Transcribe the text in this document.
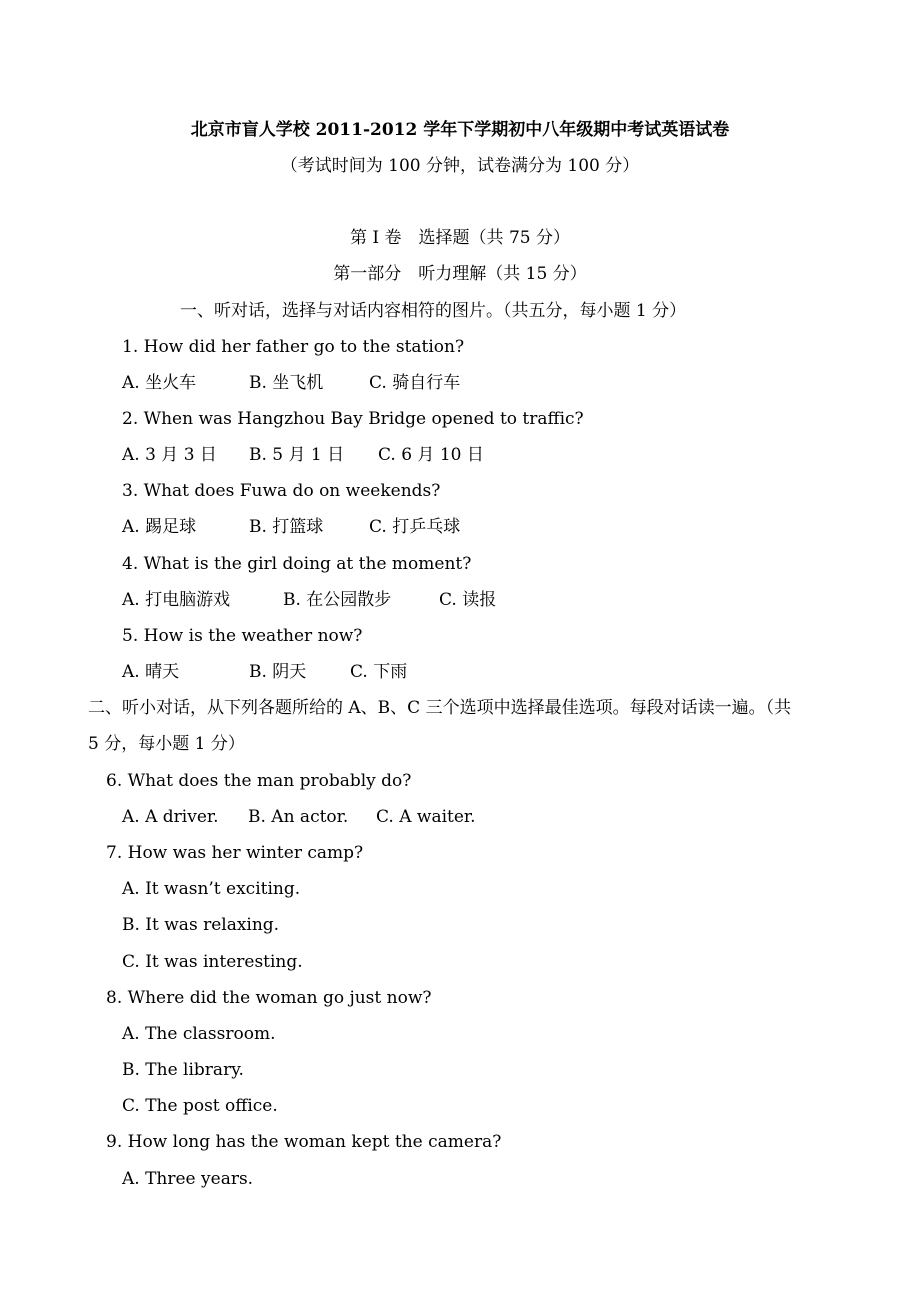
北京市盲人学校 2011-2012 学年下学期初中八年级期中考试英语试卷
（考试时间为 100 分钟，试卷满分为 100 分）
第 I 卷　选择题（共 75 分）
第一部分　听力理解（共 15 分）
一、听对话，选择与对话内容相符的图片。（共五分，每小题 1 分）
1. How did her father go to the station?
A. 坐火车	B. 坐飞机	C. 骑自行车
2. When was Hangzhou Bay Bridge opened to traffic?
A. 3 月 3 日 B. 5 月 1 日 C. 6 月 10 日
3. What does Fuwa do on weekends?
A. 踢足球	B. 打篮球	C. 打乒乓球
4. What is the girl doing at the moment?
A. 打电脑游戏	B. 在公园散步	C. 读报
5. How is the weather now?
A. 晴天	B. 阴天	C. 下雨
二、听小对话，从下列各题所给的 A、B、C 三个选项中选择最佳选项。每段对话读一遍。（共
5 分，每小题 1 分）
6. What does the man probably do?
A. A driver. B. An actor. C. A waiter.
7. How was her winter camp?
A. It wasn’t exciting.
B. It was relaxing.
C. It was interesting.
8. Where did the woman go just now?
A. The classroom.
B. The library.
C. The post office.
9. How long has the woman kept the camera?
A. Three years.
